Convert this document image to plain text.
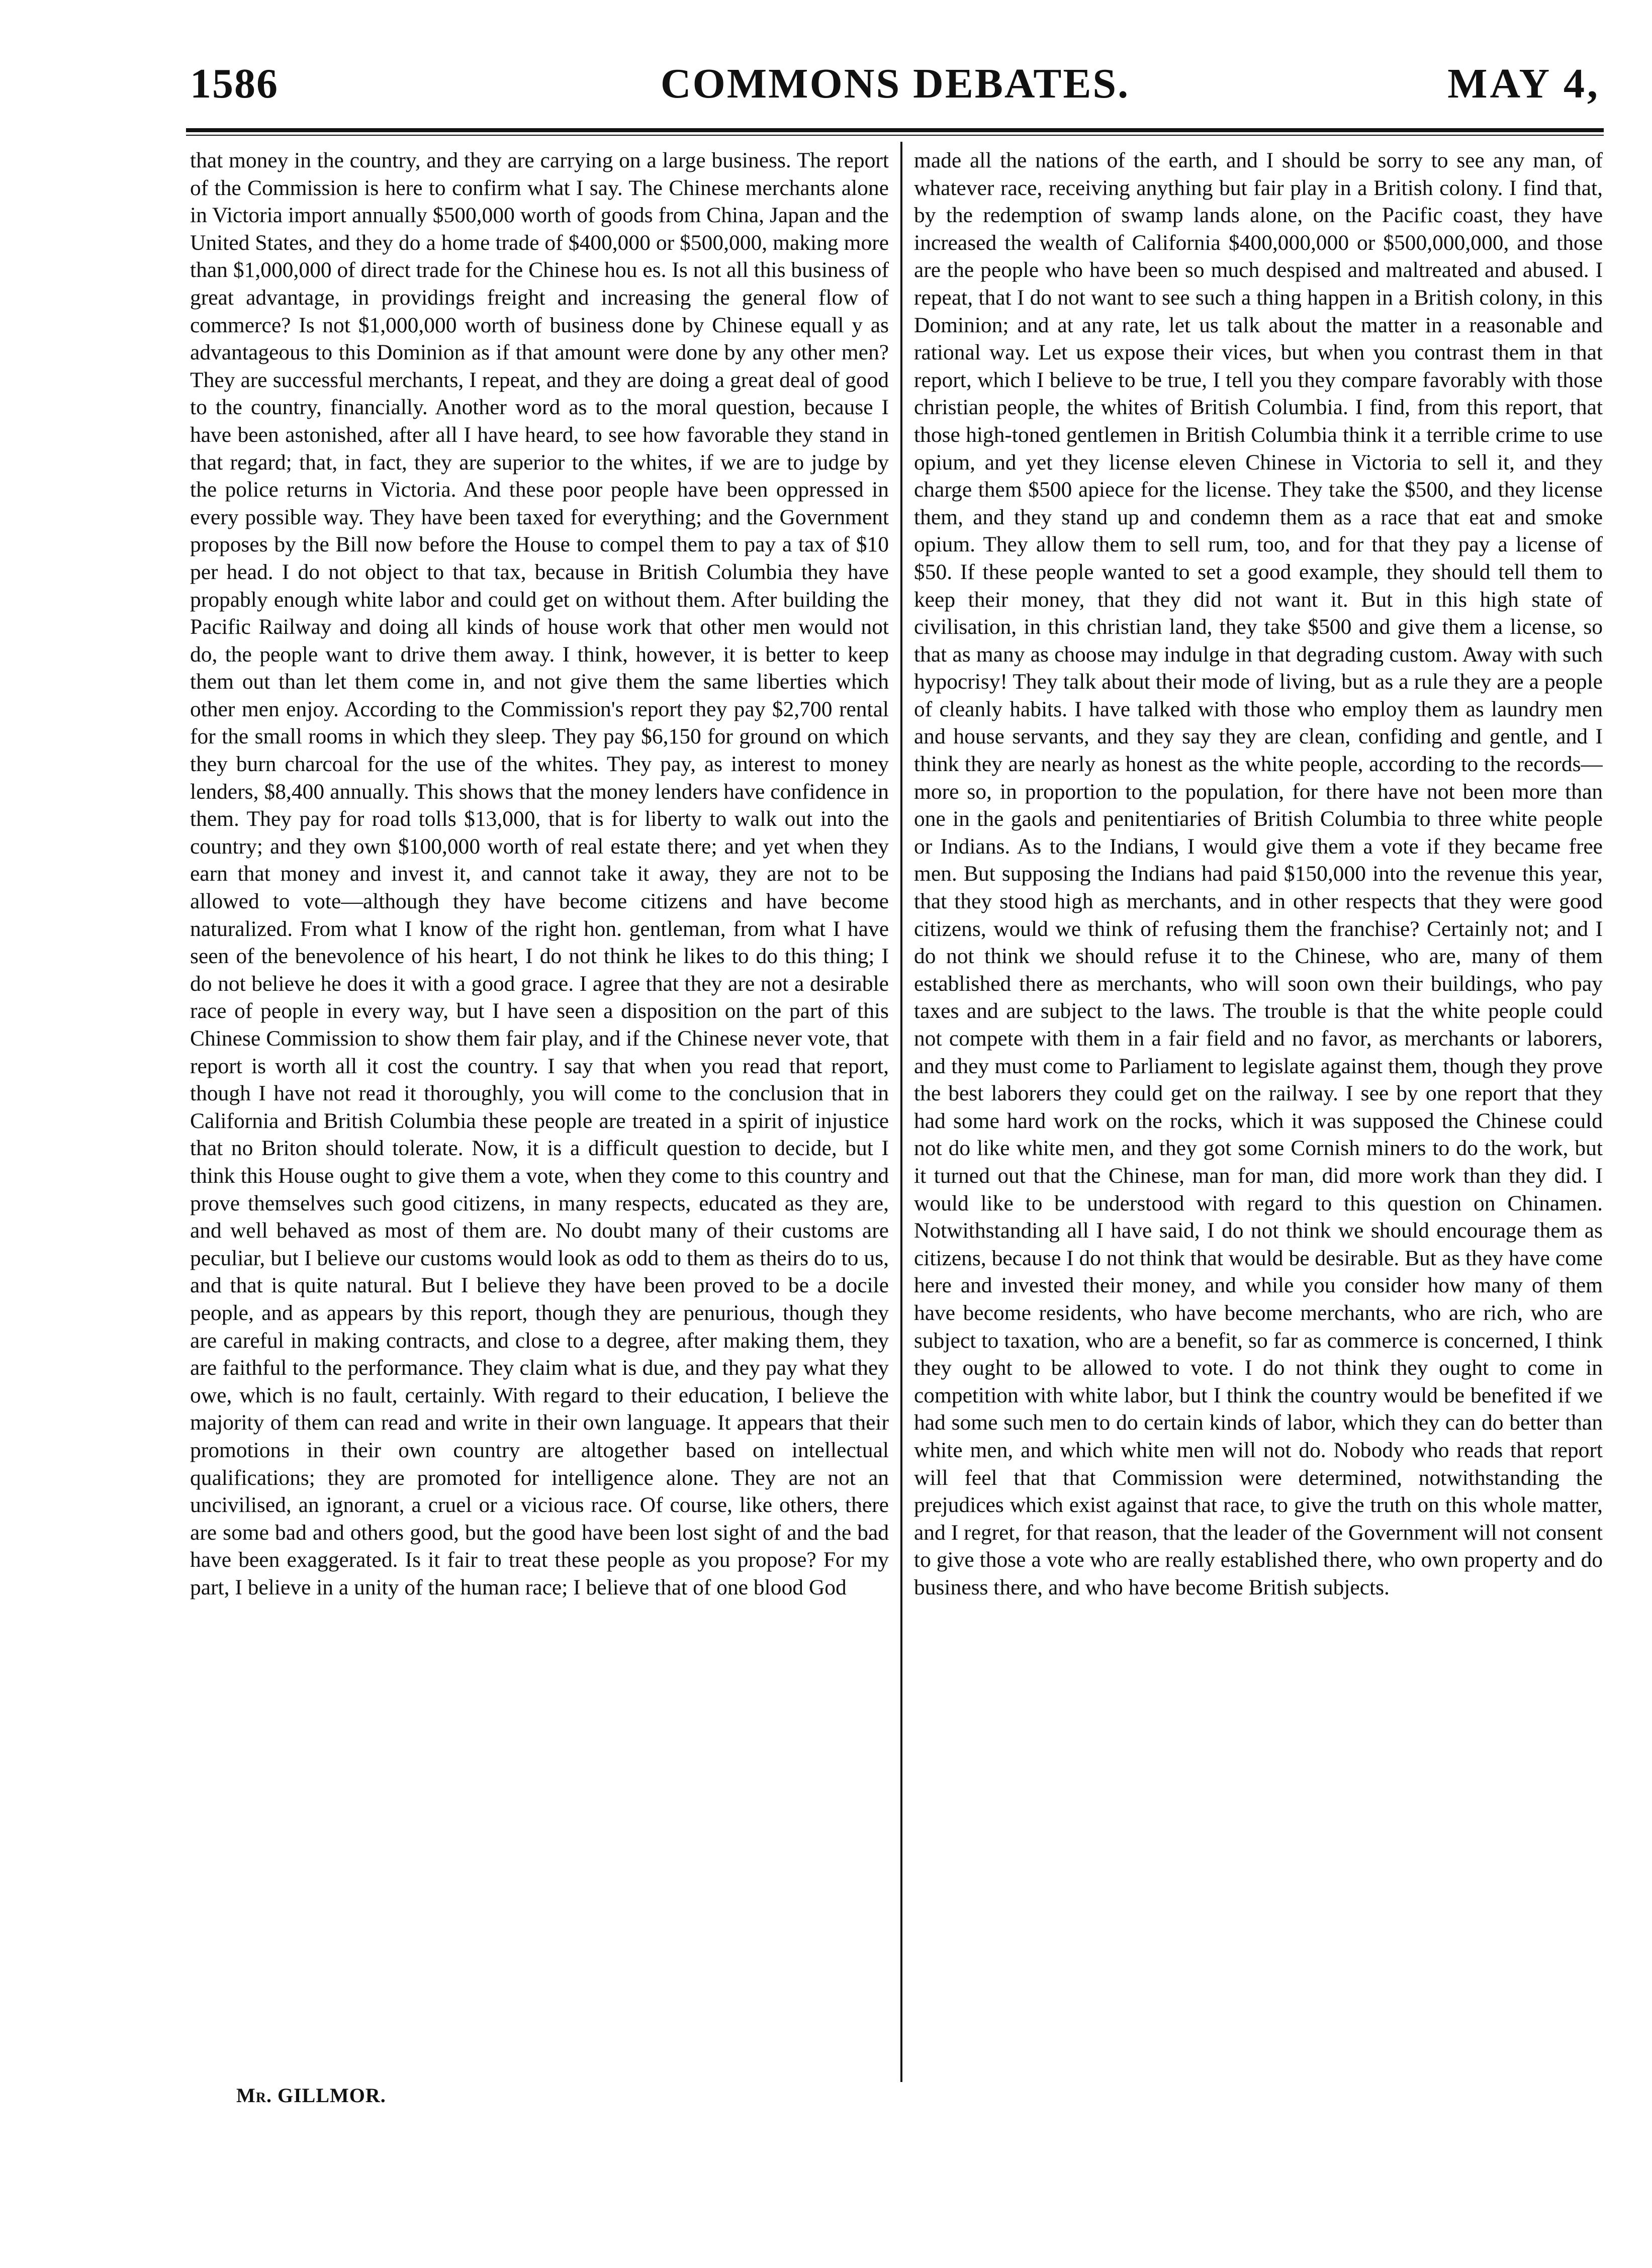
1586	COMMONS DEBATES.	MAY 4,

that money in the country, and they are carrying on a large business. The report of the Commission is here to confirm what I say. The Chinese merchants alone in Victoria import annually $500,000 worth of goods from China, Japan and the United States, and they do a home trade of $400,000 or $500,000, making more than $1,000,000 of direct trade for the Chinese hou es. Is not all this business of great advantage, in providings freight and increasing the general flow of commerce? Is not $1,000,000 worth of business done by Chinese equall y as advantageous to this Dominion as if that amount were done by any other men? They are successful merchants, I repeat, and they are doing a great deal of good to the country, financially. Another word as to the moral question, because I have been astonished, after all I have heard, to see how favorable they stand in that regard; that, in fact, they are superior to the whites, if we are to judge by the police returns in Victoria. And these poor people have been oppressed in every possible way. They have been taxed for everything; and the Government proposes by the Bill now before the House to compel them to pay a tax of $10 per head. I do not object to that tax, because in British Columbia they have propably enough white labor and could get on without them. After building the Pacific Railway and doing all kinds of house work that other men would not do, the people want to drive them away. I think, however, it is better to keep them out than let them come in, and not give them the same liberties which other men enjoy. According to the Commission's report they pay $2,700 rental for the small rooms in which they sleep. They pay $6,150 for ground on which they burn charcoal for the use of the whites. They pay, as interest to money lenders, $8,400 annually. This shows that the money lenders have confidence in them. They pay for road tolls $13,000, that is for liberty to walk out into the country; and they own $100,000 worth of real estate there; and yet when they earn that money and invest it, and cannot take it away, they are not to be allowed to vote—although they have become citizens and have become naturalized. From what I know of the right hon. gentleman, from what I have seen of the benevolence of his heart, I do not think he likes to do this thing; I do not believe he does it with a good grace. I agree that they are not a desirable race of people in every way, but I have seen a disposition on the part of this Chinese Commission to show them fair play, and if the Chinese never vote, that report is worth all it cost the country. I say that when you read that report, though I have not read it thoroughly, you will come to the conclusion that in California and British Columbia these people are treated in a spirit of injustice that no Briton should tolerate. Now, it is a difficult question to decide, but I think this House ought to give them a vote, when they come to this country and prove themselves such good citizens, in many respects, educated as they are, and well behaved as most of them are. No doubt many of their customs are peculiar, but I believe our customs would look as odd to them as theirs do to us, and that is quite natural. But I believe they have been proved to be a docile people, and as appears by this report, though they are penurious, though they are careful in making contracts, and close to a degree, after making them, they are faithful to the performance. They claim what is due, and they pay what they owe, which is no fault, certainly. With regard to their education, I believe the majority of them can read and write in their own language. It appears that their promotions in their own country are altogether based on intellectual qualifications; they are promoted for intelligence alone. They are not an uncivilised, an ignorant, a cruel or a vicious race. Of course, like others, there are some bad and others good, but the good have been lost sight of and the bad have been exaggerated. Is it fair to treat these people as you propose? For my part, I believe in a unity of the human race; I believe that of one blood God

made all the nations of the earth, and I should be sorry to see any man, of whatever race, receiving anything but fair play in a British colony. I find that, by the redemption of swamp lands alone, on the Pacific coast, they have increased the wealth of California $400,000,000 or $500,000,000, and those are the people who have been so much despised and maltreated and abused. I repeat, that I do not want to see such a thing happen in a British colony, in this Dominion; and at any rate, let us talk about the matter in a reasonable and rational way. Let us expose their vices, but when you contrast them in that report, which I believe to be true, I tell you they compare favorably with those christian people, the whites of British Columbia. I find, from this report, that those high-toned gentlemen in British Columbia think it a terrible crime to use opium, and yet they license eleven Chinese in Victoria to sell it, and they charge them $500 apiece for the license. They take the $500, and they license them, and they stand up and condemn them as a race that eat and smoke opium. They allow them to sell rum, too, and for that they pay a license of $50. If these people wanted to set a good example, they should tell them to keep their money, that they did not want it. But in this high state of civilisation, in this christian land, they take $500 and give them a license, so that as many as choose may indulge in that degrading custom. Away with such hypocrisy! They talk about their mode of living, but as a rule they are a people of cleanly habits. I have talked with those who employ them as laundry men and house servants, and they say they are clean, confiding and gentle, and I think they are nearly as honest as the white people, according to the records—more so, in proportion to the population, for there have not been more than one in the gaols and penitentiaries of British Columbia to three white people or Indians. As to the Indians, I would give them a vote if they became free men. But supposing the Indians had paid $150,000 into the revenue this year, that they stood high as merchants, and in other respects that they were good citizens, would we think of refusing them the franchise? Certainly not; and I do not think we should refuse it to the Chinese, who are, many of them established there as merchants, who will soon own their buildings, who pay taxes and are subject to the laws. The trouble is that the white people could not compete with them in a fair field and no favor, as merchants or laborers, and they must come to Parliament to legislate against them, though they prove the best laborers they could get on the railway. I see by one report that they had some hard work on the rocks, which it was supposed the Chinese could not do like white men, and they got some Cornish miners to do the work, but it turned out that the Chinese, man for man, did more work than they did. I would like to be understood with regard to this question on Chinamen. Notwithstanding all I have said, I do not think we should encourage them as citizens, because I do not think that would be desirable. But as they have come here and invested their money, and while you consider how many of them have become residents, who have become merchants, who are rich, who are subject to taxation, who are a benefit, so far as commerce is concerned, I think they ought to be allowed to vote. I do not think they ought to come in competition with white labor, but I think the country would be benefited if we had some such men to do certain kinds of labor, which they can do better than white men, and which white men will not do. Nobody who reads that report will feel that that Commission were determined, notwithstanding the prejudices which exist against that race, to give the truth on this whole matter, and I regret, for that reason, that the leader of the Government will not consent to give those a vote who are really established there, who own property and do business there, and who have become British subjects.

Mr. GILLMOR.
